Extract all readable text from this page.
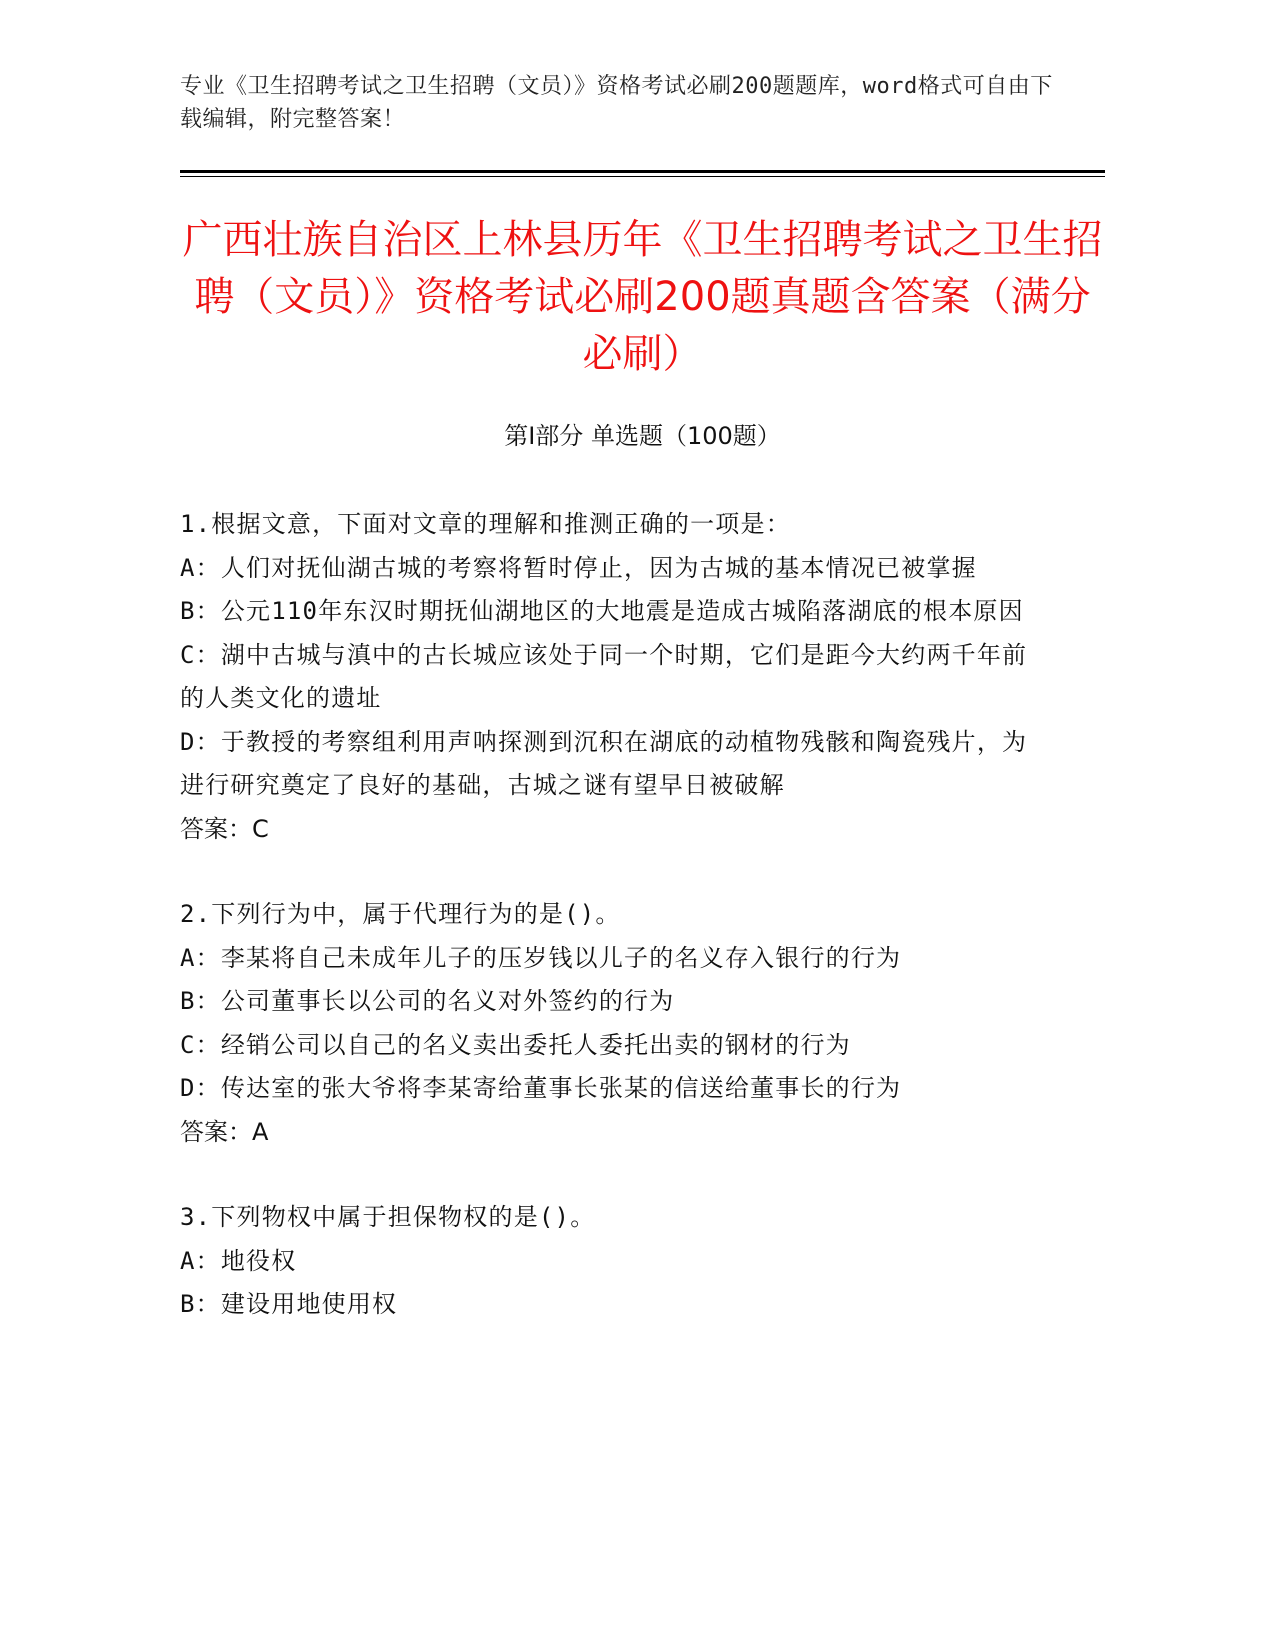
专业《卫生招聘考试之卫生招聘（文员）》资格考试必刷200题题库，word格式可自由下载编辑，附完整答案！
广西壮族自治区上林县历年《卫生招聘考试之卫生招聘（文员）》资格考试必刷200题真题含答案（满分必刷）
第I部分 单选题（100题）
1.根据文意，下面对文章的理解和推测正确的一项是：
A：人们对抚仙湖古城的考察将暂时停止，因为古城的基本情况已被掌握
B：公元110年东汉时期抚仙湖地区的大地震是造成古城陷落湖底的根本原因
C：湖中古城与滇中的古长城应该处于同一个时期，它们是距今大约两千年前的人类文化的遗址
D：于教授的考察组利用声呐探测到沉积在湖底的动植物残骸和陶瓷残片，为进行研究奠定了良好的基础，古城之谜有望早日被破解
答案：C
2.下列行为中，属于代理行为的是()。
A：李某将自己未成年儿子的压岁钱以儿子的名义存入银行的行为
B：公司董事长以公司的名义对外签约的行为
C：经销公司以自己的名义卖出委托人委托出卖的钢材的行为
D：传达室的张大爷将李某寄给董事长张某的信送给董事长的行为
答案：A
3.下列物权中属于担保物权的是()。
A：地役权
B：建设用地使用权
